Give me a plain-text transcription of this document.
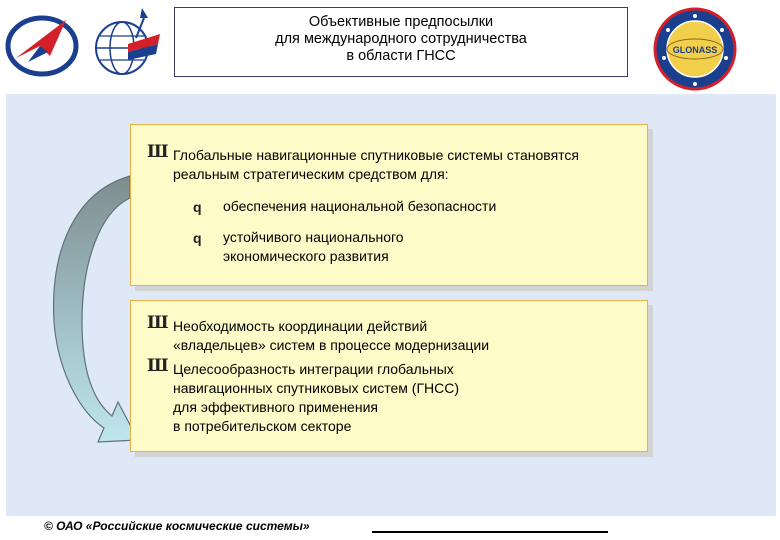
GLONASS
Объективные предпосылки
для международного сотрудничества
в области ГНСС
Ш Глобальные навигационные спутниковые системы становятся
реальным стратегическим средством для:
q обеспечения национальной безопасности
q устойчивого национального
экономического развития
Ш Необходимость координации действий
«владельцев» систем в процессе модернизации
Ш Целесообразность интеграции глобальных
навигационных спутниковых систем (ГНСС)
для эффективного применения
в потребительском секторе
© ОАО «Российские космические системы»
